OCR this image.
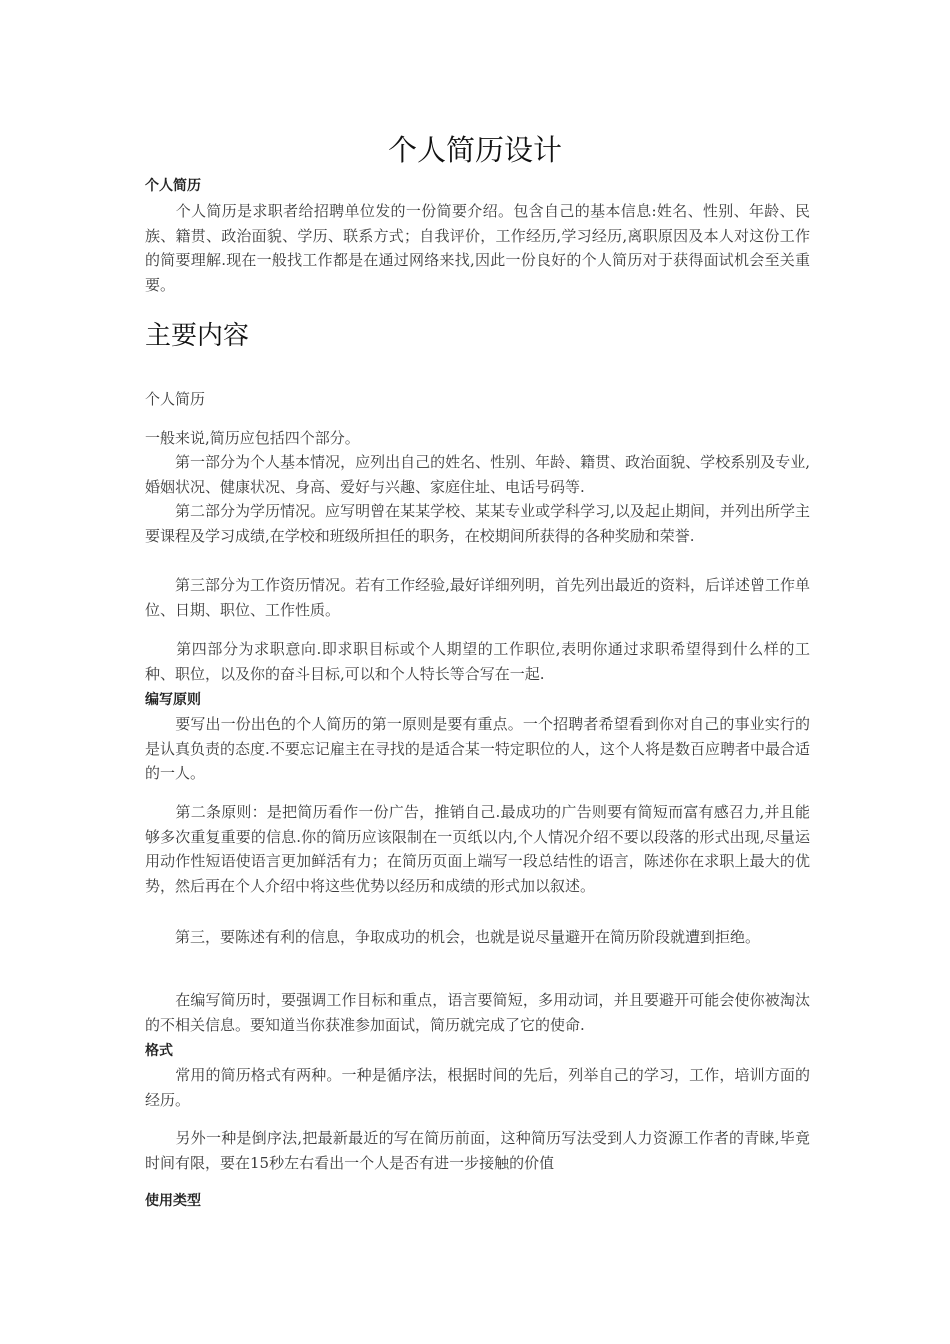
个人简历设计
个人简历
　　个人简历是求职者给招聘单位发的一份简要介绍。包含自己的基本信息:姓名、性别、年龄、民族、籍贯、政治面貌、学历、联系方式；自我评价，工作经历,学习经历,离职原因及本人对这份工作的简要理解.现在一般找工作都是在通过网络来找,因此一份良好的个人简历对于获得面试机会至关重要。
主要内容
个人简历
一般来说,简历应包括四个部分。
　　第一部分为个人基本情况，应列出自己的姓名、性别、年龄、籍贯、政治面貌、学校系别及专业,婚姻状况、健康状况、身高、爱好与兴趣、家庭住址、电话号码等.
　　第二部分为学历情况。应写明曾在某某学校、某某专业或学科学习,以及起止期间，并列出所学主要课程及学习成绩,在学校和班级所担任的职务，在校期间所获得的各种奖励和荣誉.
　　第三部分为工作资历情况。若有工作经验,最好详细列明，首先列出最近的资料，后详述曾工作单位、日期、职位、工作性质。
　　第四部分为求职意向.即求职目标或个人期望的工作职位,表明你通过求职希望得到什么样的工种、职位，以及你的奋斗目标,可以和个人特长等合写在一起.
编写原则
　　要写出一份出色的个人简历的第一原则是要有重点。一个招聘者希望看到你对自己的事业实行的是认真负责的态度.不要忘记雇主在寻找的是适合某一特定职位的人，这个人将是数百应聘者中最合适的一人。
　　第二条原则：是把简历看作一份广告，推销自己.最成功的广告则要有简短而富有感召力,并且能够多次重复重要的信息.你的简历应该限制在一页纸以内,个人情况介绍不要以段落的形式出现,尽量运用动作性短语使语言更加鲜活有力；在简历页面上端写一段总结性的语言，陈述你在求职上最大的优势，然后再在个人介绍中将这些优势以经历和成绩的形式加以叙述。
　　第三，要陈述有利的信息，争取成功的机会，也就是说尽量避开在简历阶段就遭到拒绝。
　　在编写简历时，要强调工作目标和重点，语言要简短，多用动词，并且要避开可能会使你被淘汰的不相关信息。要知道当你获准参加面试，简历就完成了它的使命.
格式
　　常用的简历格式有两种。一种是循序法，根据时间的先后，列举自己的学习，工作，培训方面的经历。
　　另外一种是倒序法,把最新最近的写在简历前面，这种简历写法受到人力资源工作者的青睐,毕竟时间有限，要在15秒左右看出一个人是否有进一步接触的价值
使用类型
